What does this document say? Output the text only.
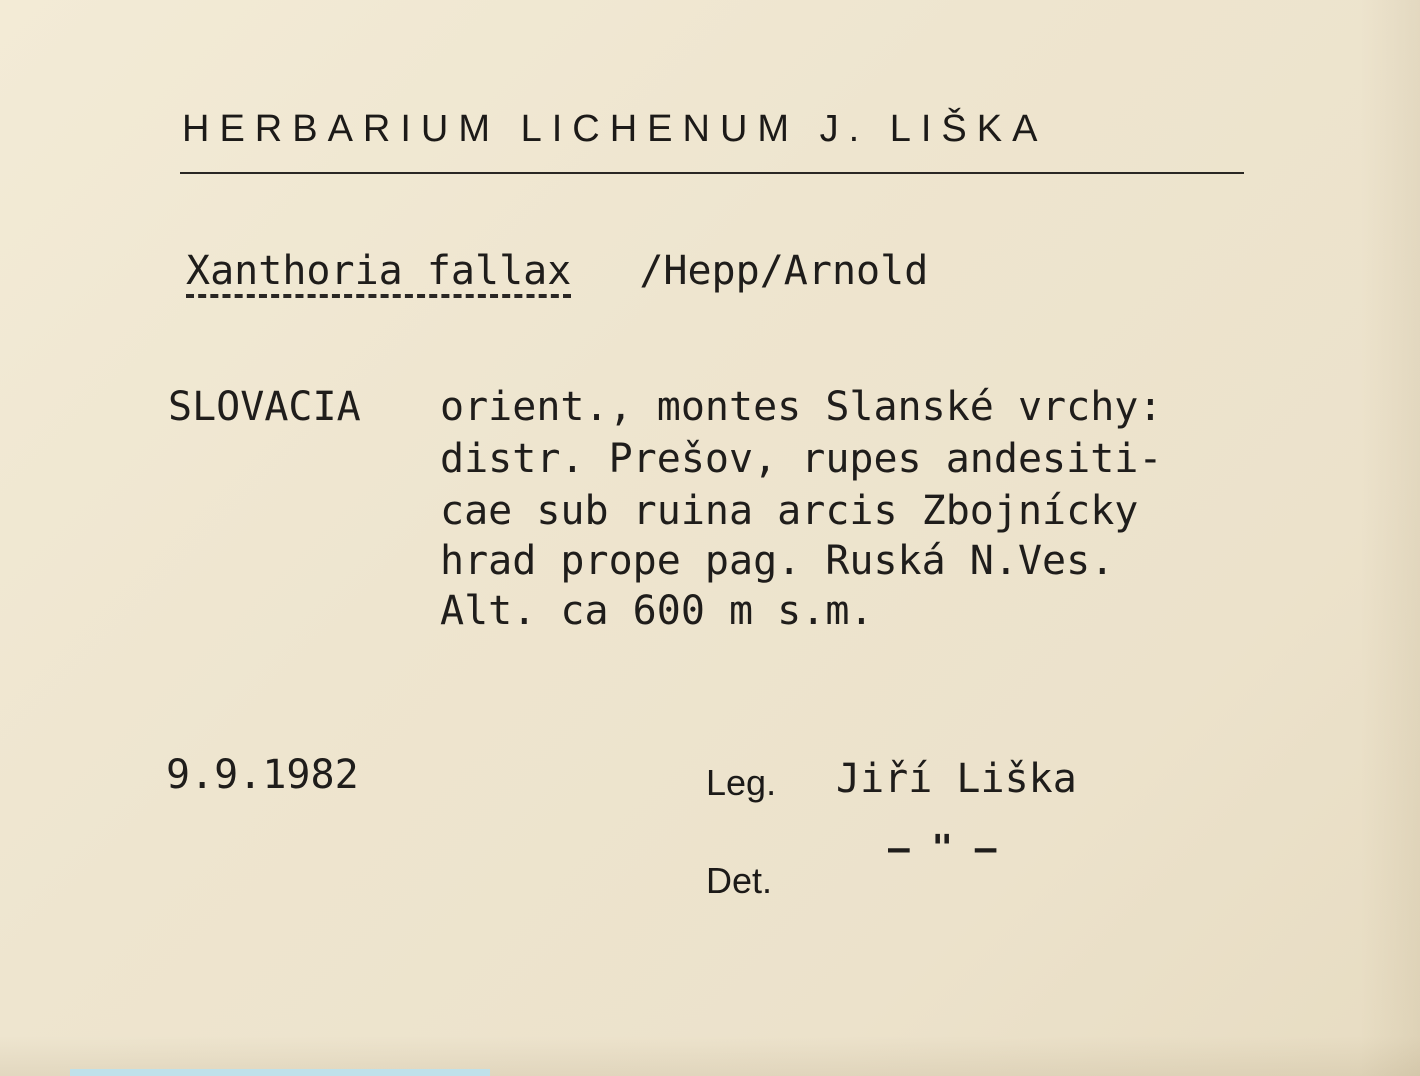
HERBARIUM LICHENUM J. LIŠKA
Xanthoria fallax /Hepp/Arnold
SLOVACIA orient., montes Slanské vrchy:
distr. Prešov, rupes andesiti-
cae sub ruina arcis Zbojnícky
hrad prope pag. Ruská N.Ves.
Alt. ca 600 m s.m.
9.9.1982	Leg. Jiří Liška
– " –
Det.
